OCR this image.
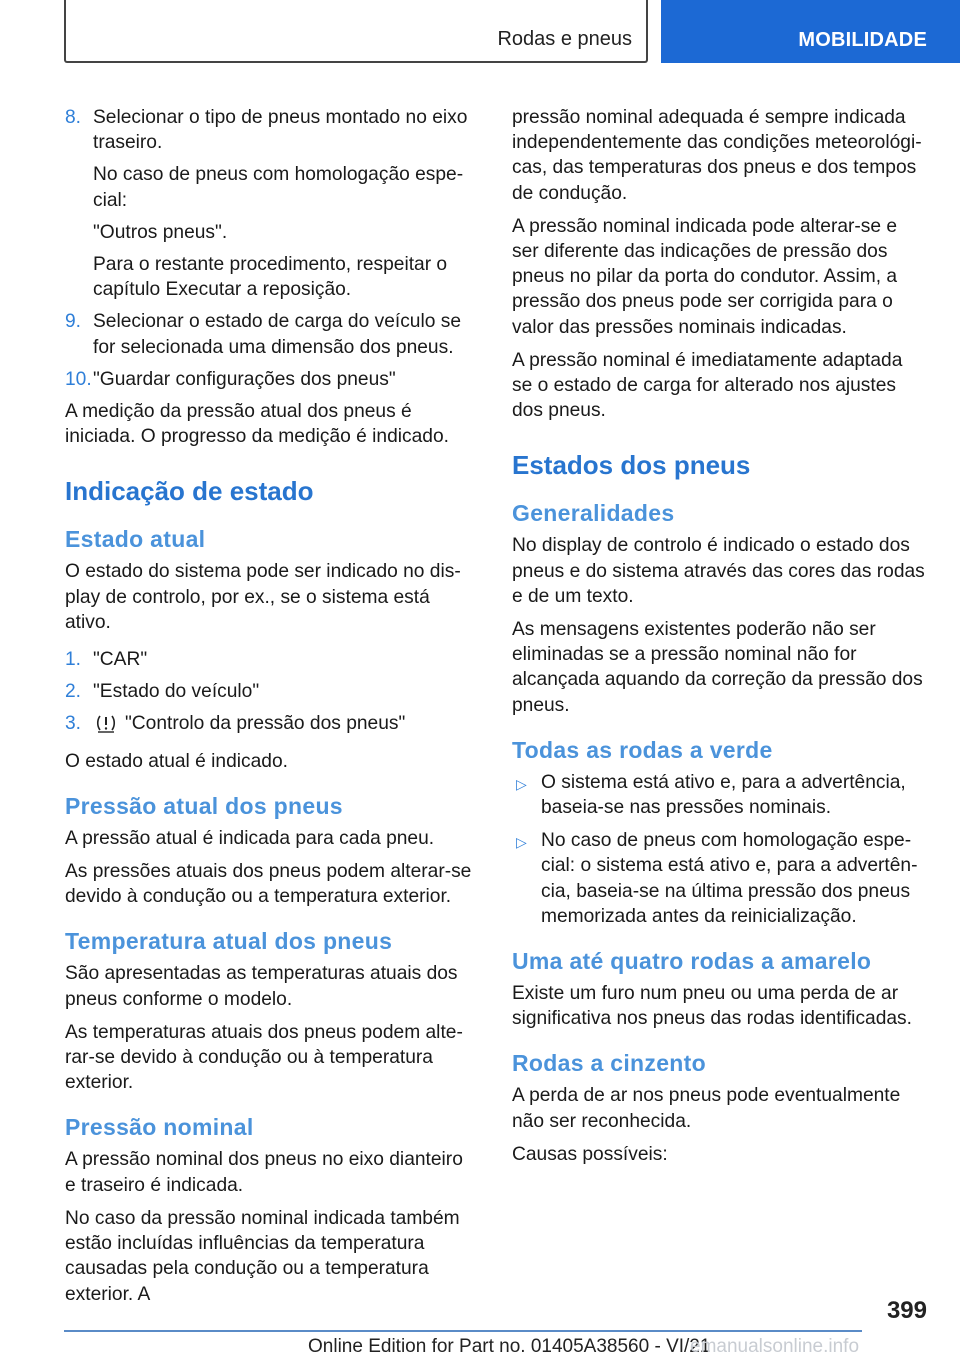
Rodas e pneus	MOBILIDADE
8. Selecionar o tipo de pneus montado no eixo traseiro.

No caso de pneus com homologação especial:

"Outros pneus".

Para o restante procedimento, respeitar o capítulo Executar a reposição.

9. Selecionar o estado de carga do veículo se for selecionada uma dimensão dos pneus.

10. "Guardar configurações dos pneus"

A medição da pressão atual dos pneus é iniciada. O progresso da medição é indicado.

Indicação de estado
Estado atual

O estado do sistema pode ser indicado no display de controlo, por ex., se o sistema está ativo.

1. "CAR"

2. "Estado do veículo"

3.	"Controlo da pressão dos pneus"

O estado atual é indicado.

Pressão atual dos pneus

A pressão atual é indicada para cada pneu.

As pressões atuais dos pneus podem alterar-se devido à condução ou a temperatura exterior.

Temperatura atual dos pneus

São apresentadas as temperaturas atuais dos pneus conforme o modelo.

As temperaturas atuais dos pneus podem alterar-se devido à condução ou à temperatura exterior.

Pressão nominal

A pressão nominal dos pneus no eixo dianteiro e traseiro é indicada.

No caso da pressão nominal indicada também estão incluídas influências da temperatura causadas pela condução ou a temperatura exterior. A

pressão nominal adequada é sempre indicada independentemente das condições meteorológicas, das temperaturas dos pneus e dos tempos de condução.

A pressão nominal indicada pode alterar-se e ser diferente das indicações de pressão dos pneus no pilar da porta do condutor. Assim, a pressão dos pneus pode ser corrigida para o valor das pressões nominais indicadas.

A pressão nominal é imediatamente adaptada se o estado de carga for alterado nos ajustes dos pneus.

Estados dos pneus
Generalidades

No display de controlo é indicado o estado dos pneus e do sistema através das cores das rodas e de um texto.

As mensagens existentes poderão não ser eliminadas se a pressão nominal não for alcançada aquando da correção da pressão dos pneus.

Todas as rodas a verde
▷ O sistema está ativo e, para a advertência, baseia-se nas pressões nominais.

▷ No caso de pneus com homologação especial: o sistema está ativo e, para a advertência, baseia-se na última pressão dos pneus memorizada antes da reinicialização.

Uma até quatro rodas a amarelo

Existe um furo num pneu ou uma perda de ar significativa nos pneus das rodas identificadas.

Rodas a cinzento

A perda de ar nos pneus pode eventualmente não ser reconhecida.

Causas possíveis:

399
Online Edition for Part no. 01405A38560 - VI/21
emanualsonline.info
